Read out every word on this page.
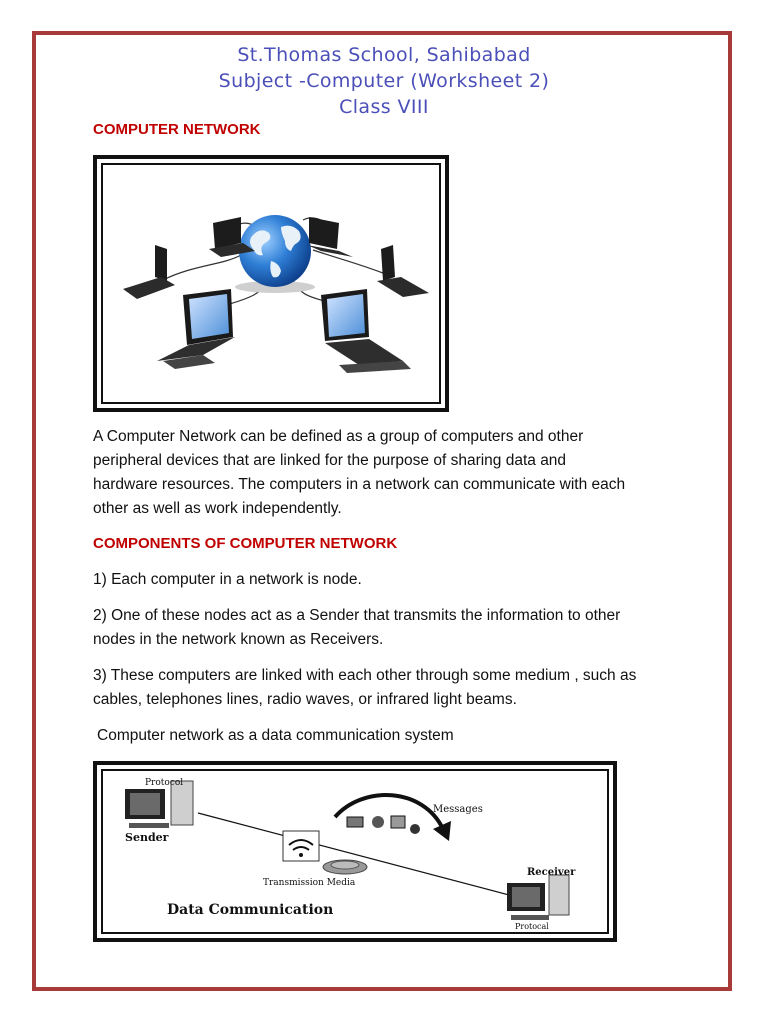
St.Thomas School, Sahibabad
Subject -Computer (Worksheet 2)
Class VIII
COMPUTER NETWORK
A Computer Network can be defined as a group of computers and other
peripheral devices that are linked for the purpose of sharing data and
hardware resources. The computers in a network can communicate with each
other as well as work independently.
COMPONENTS OF COMPUTER NETWORK
1) Each computer in a network is node.
2) One of these nodes act as a Sender that transmits the information to other
nodes in the network known as Receivers.
3) These computers are linked with each other through some medium , such as
cables, telephones lines, radio waves, or infrared light beams.
Computer network as a data communication system
Protocol
Sender
Messages
Transmission Media
Receiver
Protocal
Data Communication
